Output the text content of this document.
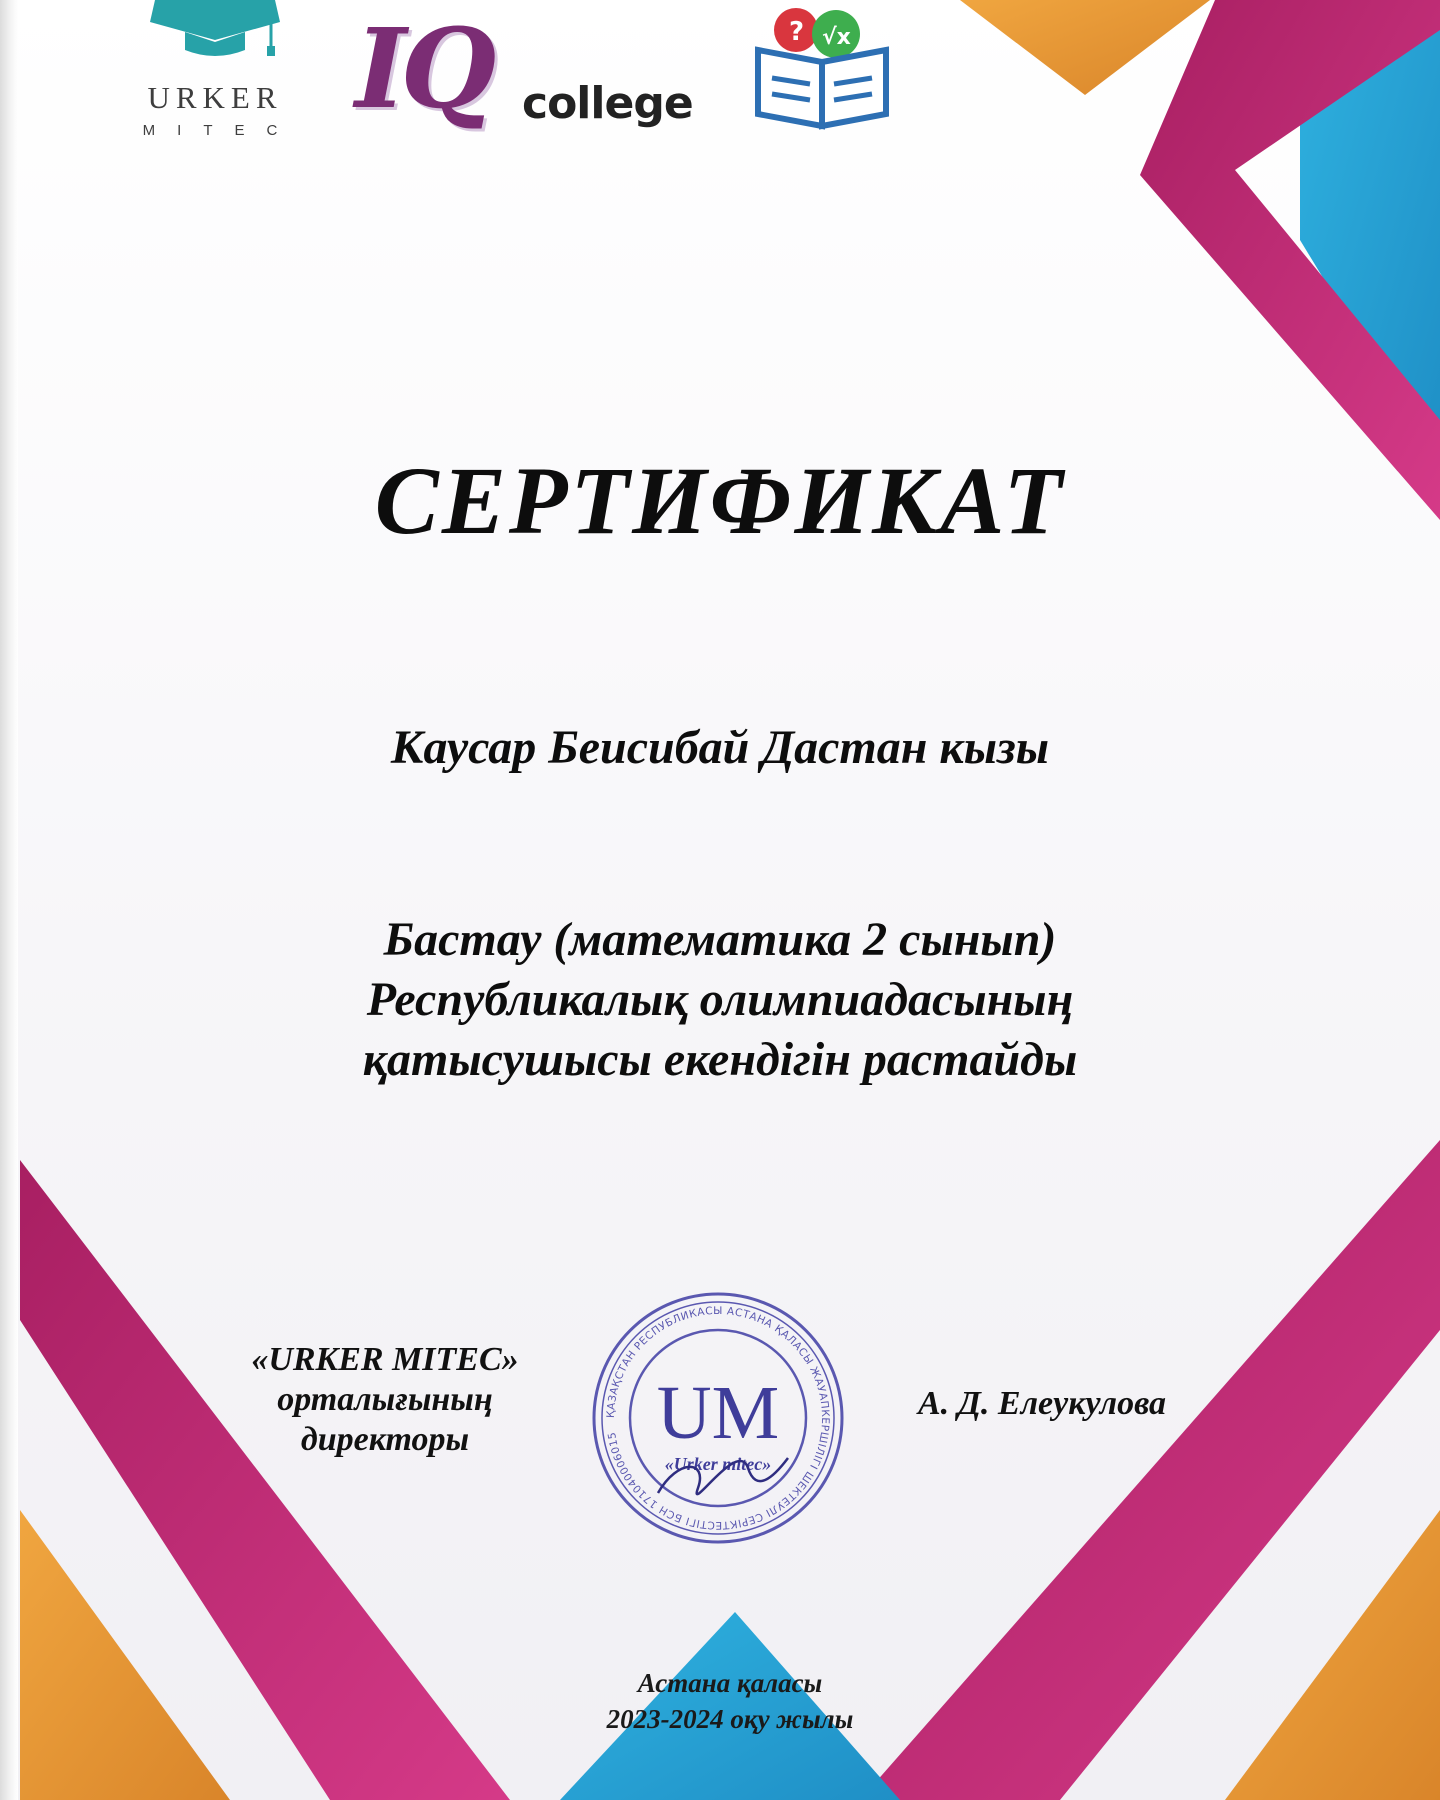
URKER
MITEC IQ college
? √x
СЕРТИФИКАТ
Каусар Беисибай Дастан кызы
Бастау (математика 2 сынып)
Республикалық олимпиадасының
қатысушысы екендігін растайды
«URKER MITEC»
орталығының
директоры
ҚАЗАҚСТАН РЕСПУБЛИКАСЫ АСТАНА ҚАЛАСЫ ЖАУАПКЕРШІЛІГІ ШЕКТЕУЛІ СЕРІКТЕСТІГІ БСН 171040006015 UM
«Urker mitec»
А. Д. Елеукулова
Астана қаласы
2023-2024 оқу жылы
